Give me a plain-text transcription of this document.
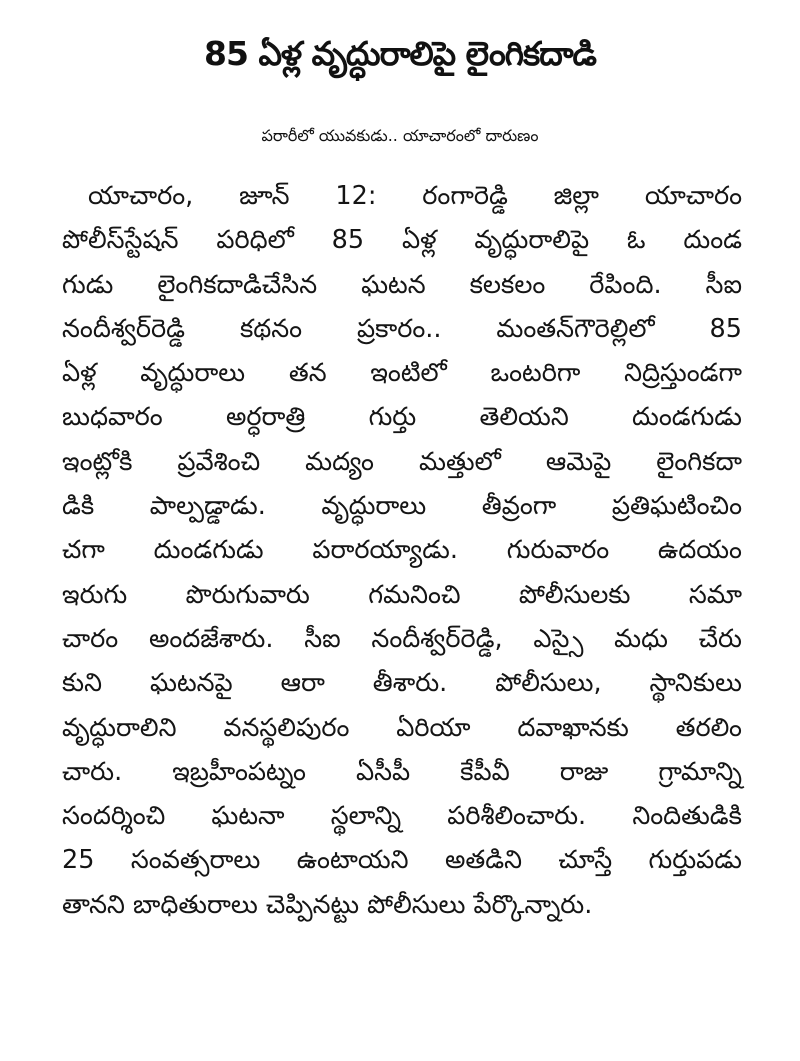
85 ఏళ్ల వృద్ధురాలిపై లైంగికదాడి
పరారీలో యువకుడు.. యాచారంలో దారుణం
యాచారం, జూన్ 12: రంగారెడ్డి జిల్లా యాచారం
పోలీస్‌స్టేషన్ పరిధిలో 85 ఏళ్ల వృద్ధురాలిపై ఓ దుండ
గుడు లైంగికదాడిచేసిన ఘటన కలకలం రేపింది. సీఐ
నందీశ్వర్‌రెడ్డి కథనం ప్రకారం.. మంతన్‌గౌరెల్లిలో 85
ఏళ్ల వృద్ధురాలు తన ఇంటిలో ఒంటరిగా నిద్రిస్తుండగా
బుధవారం అర్ధరాత్రి గుర్తు తెలియని దుండగుడు
ఇంట్లోకి ప్రవేశించి మద్యం మత్తులో ఆమెపై లైంగికదా
డికి పాల్పడ్డాడు. వృద్ధురాలు తీవ్రంగా ప్రతిఘటించిం
చగా దుండగుడు పరారయ్యాడు. గురువారం ఉదయం
ఇరుగు పొరుగువారు గమనించి పోలీసులకు సమా
చారం అందజేశారు. సీఐ నందీశ్వర్‌రెడ్డి, ఎస్సై మధు చేరు
కుని ఘటనపై ఆరా తీశారు. పోలీసులు, స్థానికులు
వృద్ధురాలిని వనస్థలిపురం ఏరియా దవాఖానకు తరలిం
చారు. ఇబ్రహీంపట్నం ఏసీపీ కేపీవీ రాజు గ్రామాన్ని
సందర్శించి ఘటనా స్థలాన్ని పరిశీలించారు. నిందితుడికి
25 సంవత్సరాలు ఉంటాయని అతడిని చూస్తే గుర్తుపడు
తానని బాధితురాలు చెప్పినట్టు పోలీసులు పేర్కొన్నారు.
